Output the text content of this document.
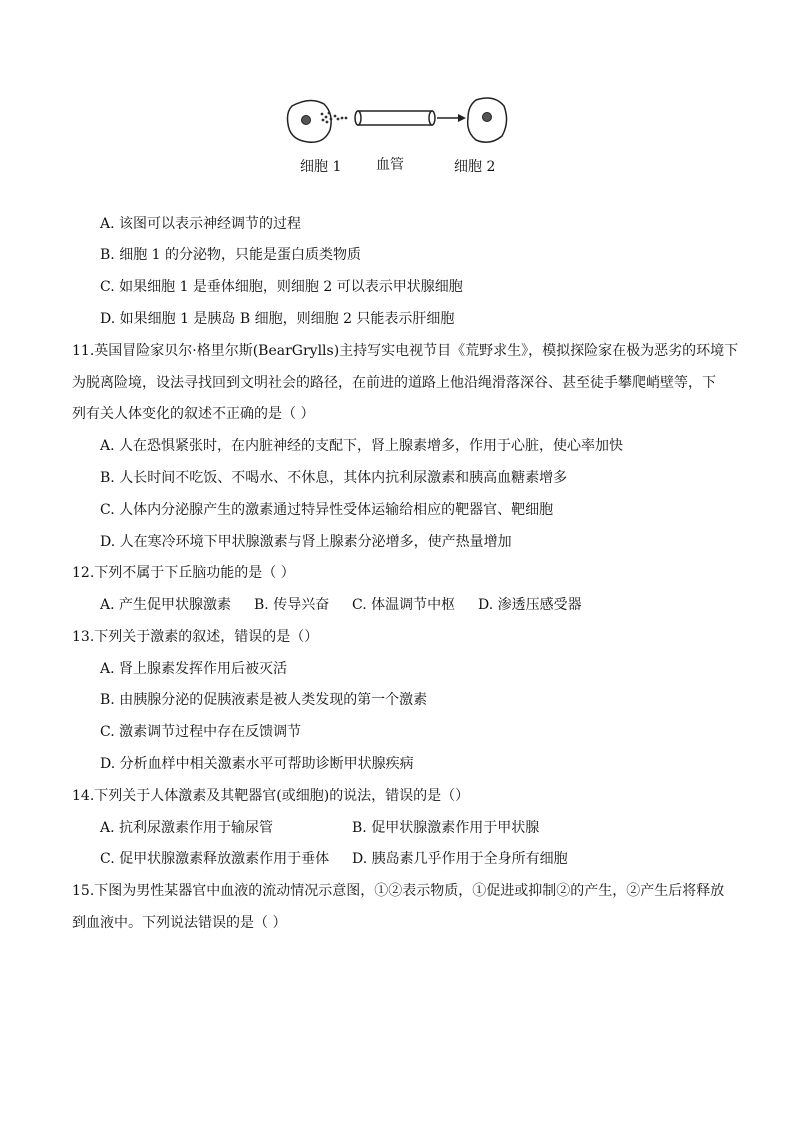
细胞 1 血管	细胞 2
A. 该图可以表示神经调节的过程
B. 细胞 1 的分泌物，只能是蛋白质类物质
C. 如果细胞 1 是垂体细胞，则细胞 2 可以表示甲状腺细胞
D. 如果细胞 1 是胰岛 B 细胞，则细胞 2 只能表示肝细胞
11.英国冒险家贝尔·格里尔斯(BearGrylls)主持写实电视节目《荒野求生》，模拟探险家在极为恶劣的环境下
为脱离险境，设法寻找回到文明社会的路径，在前进的道路上他沿绳滑落深谷、甚至徒手攀爬峭壁等，下
列有关人体变化的叙述不正确的是（ ）
A. 人在恐惧紧张时，在内脏神经的支配下，肾上腺素增多，作用于心脏，使心率加快
B. 人长时间不吃饭、不喝水、不休息，其体内抗利尿激素和胰高血糖素增多
C. 人体内分泌腺产生的激素通过特异性受体运输给相应的靶器官、靶细胞
D. 人在寒冷环境下甲状腺激素与肾上腺素分泌增多，使产热量增加
12.下列不属于下丘脑功能的是（ ）
A. 产生促甲状腺激素 B. 传导兴奋 C. 体温调节中枢 D. 渗透压感受器
13.下列关于激素的叙述，错误的是（）
A. 肾上腺素发挥作用后被灭活
B. 由胰腺分泌的促胰液素是被人类发现的第一个激素
C. 激素调节过程中存在反馈调节
D. 分析血样中相关激素水平可帮助诊断甲状腺疾病
14.下列关于人体激素及其靶器官(或细胞)的说法，错误的是（）
A. 抗利尿激素作用于输尿管	B. 促甲状腺激素作用于甲状腺
C. 促甲状腺激素释放激素作用于垂体 D. 胰岛素几乎作用于全身所有细胞
15.下图为男性某器官中血液的流动情况示意图，①②表示物质，①促进或抑制②的产生，②产生后将释放
到血液中。下列说法错误的是（ ）
